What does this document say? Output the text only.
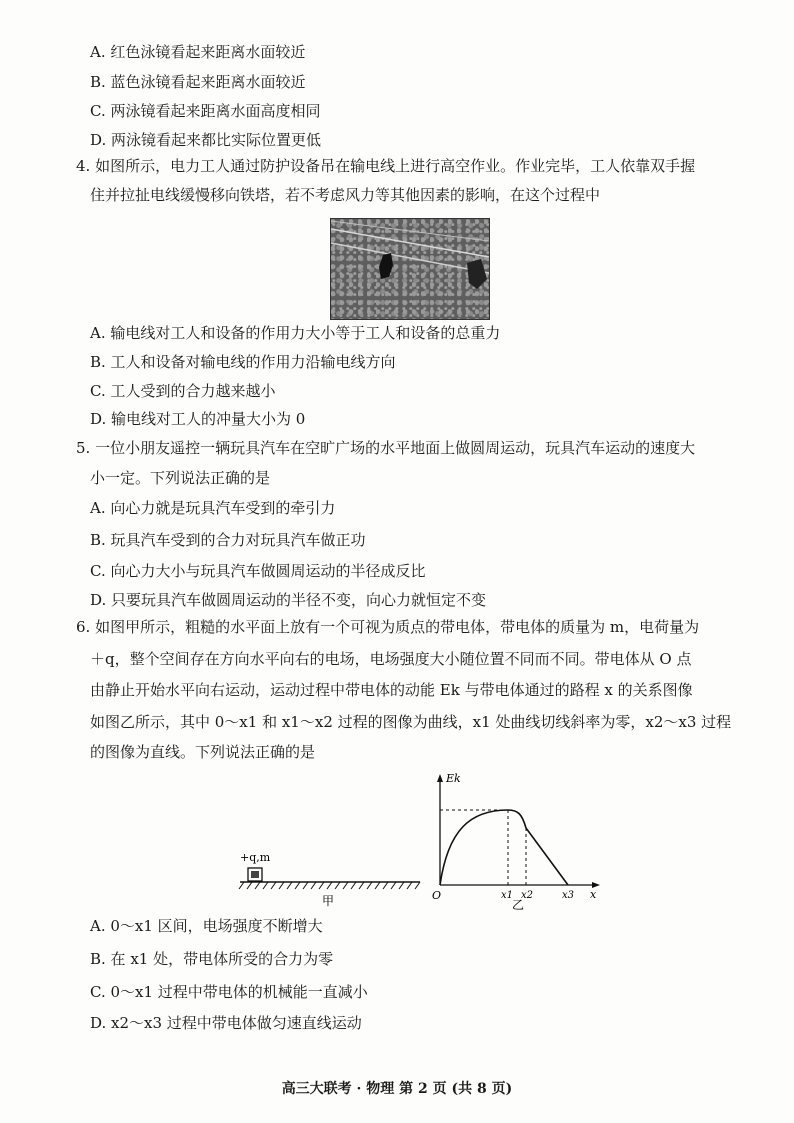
A. 红色泳镜看起来距离水面较近
B. 蓝色泳镜看起来距离水面较近
C. 两泳镜看起来距离水面高度相同
D. 两泳镜看起来都比实际位置更低
4. 如图所示，电力工人通过防护设备吊在输电线上进行高空作业。作业完毕，工人依靠双手握
住并拉扯电线缓慢移向铁塔，若不考虑风力等其他因素的影响，在这个过程中
A. 输电线对工人和设备的作用力大小等于工人和设备的总重力
B. 工人和设备对输电线的作用力沿输电线方向
C. 工人受到的合力越来越小
D. 输电线对工人的冲量大小为 0
5. 一位小朋友遥控一辆玩具汽车在空旷广场的水平地面上做圆周运动，玩具汽车运动的速度大
小一定。下列说法正确的是
A. 向心力就是玩具汽车受到的牵引力
B. 玩具汽车受到的合力对玩具汽车做正功
C. 向心力大小与玩具汽车做圆周运动的半径成反比
D. 只要玩具汽车做圆周运动的半径不变，向心力就恒定不变
6. 如图甲所示，粗糙的水平面上放有一个可视为质点的带电体，带电体的质量为 m，电荷量为
＋q，整个空间存在方向水平向右的电场，电场强度大小随位置不同而不同。带电体从 O 点
由静止开始水平向右运动，运动过程中带电体的动能 Ek 与带电体通过的路程 x 的关系图像
如图乙所示，其中 0～x1 和 x1～x2 过程的图像为曲线，x1 处曲线切线斜率为零，x2～x3 过程
的图像为直线。下列说法正确的是
+q,m
甲
Ek
O	x
x1 x2	x3
乙
A. 0～x1 区间，电场强度不断增大
B. 在 x1 处，带电体所受的合力为零
C. 0～x1 过程中带电体的机械能一直减小
D. x2～x3 过程中带电体做匀速直线运动
高三大联考 · 物理 第 2 页 (共 8 页)
